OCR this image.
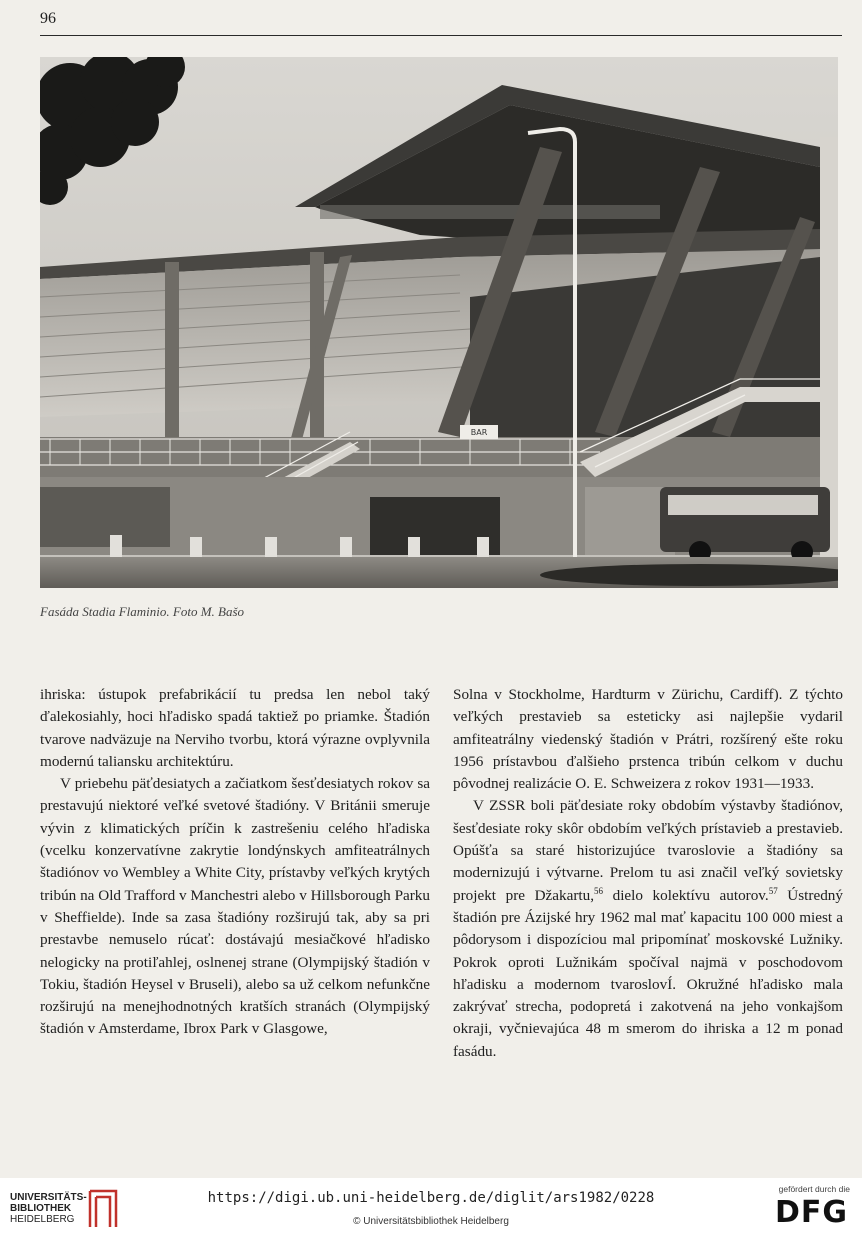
96
BAR
Fasáda Stadia Flaminio. Foto M. Bašo

ihriska: ústupok prefabrikácií tu predsa len nebol taký ďalekosiahly, hoci hľadisko spadá taktiež po priamke. Štadión tvarove nadväzuje na Nerviho tvorbu, ktorá výrazne ovplyvnila modernú taliansku architektúru.

V priebehu päťdesiatych a začiatkom šesťdesiatych rokov sa prestavujú niektoré veľké svetové štadióny. V Británii smeruje vývin z klimatických príčin k zastrešeniu celého hľadiska (vcelku konzervatívne zakrytie londýnskych amfiteatrálnych štadiónov vo Wembley a White City, prístavby veľkých krytých tribún na Old Trafford v Manchestri alebo v Hillsborough Parku v Sheffielde). Inde sa zasa štadióny rozširujú tak, aby sa pri prestavbe nemuselo rúcať: dostávajú mesiačkové hľadisko nelogicky na protiľahlej, oslnenej strane (Olympijský štadión v Tokiu, štadión Heysel v Bruseli), alebo sa už celkom nefunkčne rozširujú na menejhodnotných kratších stranách (Olympijský štadión v Amsterdame, Ibrox Park v Glasgowe,

Solna v Stockholme, Hardturm v Zürichu, Cardiff). Z týchto veľkých prestavieb sa esteticky asi najlepšie vydaril amfiteatrálny viedenský štadión v Prátri, rozšírený ešte roku 1956 prístavbou ďalšieho prstenca tribún celkom v duchu pôvodnej realizácie O. E. Schweizera z rokov 1931—1933.

V ZSSR boli päťdesiate roky obdobím výstavby štadiónov, šesťdesiate roky skôr obdobím veľkých prístavieb a prestavieb. Opúšťa sa staré historizujúce tvaroslovie a štadióny sa modernizujú i výtvarne. Prelom tu asi značil veľký sovietsky projekt pre Džakartu,$^{56}$ dielo kolektívu autorov.$^{57}$ Ústredný štadión pre Ázijské hry 1962 mal mať kapacitu 100 000 miest a pôdorysom i dispozíciou mal pripomínať moskovské Lužniky. Pokrok oproti Lužnikám spočíval najmä v poschodovom hľadisku a modernom tvaroslovÍ. Okružné hľadisko mala zakrývať strecha, podopretá i zakotvená na jeho vonkajšom okraji, vyčnievajúca 48 m smerom do ihriska a 12 m ponad fasádu.

UNIVERSITÄTS-
BIBLIOTHEK
HEIDELBERG
https://digi.ub.uni-heidelberg.de/diglit/ars1982/0228
© Universitätsbibliothek Heidelberg
gefördert durch die
DFG
